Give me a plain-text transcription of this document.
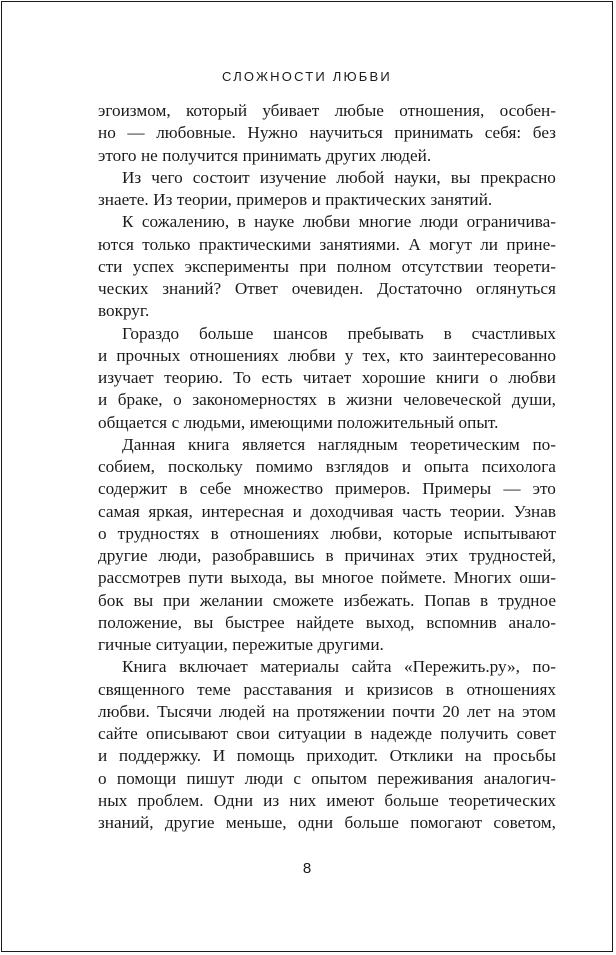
СЛОЖНОСТИ ЛЮБВИ
эгоизмом, который убивает любые отношения, особен-
но — любовные. Нужно научиться принимать себя: без
этого не получится принимать других людей.
Из чего состоит изучение любой науки, вы прекрасно
знаете. Из теории, примеров и практических занятий.
К сожалению, в науке любви многие люди ограничива-
ются только практическими занятиями. А могут ли прине-
сти успех эксперименты при полном отсутствии теорети-
ческих знаний? Ответ очевиден. Достаточно оглянуться
вокруг.
Гораздо больше шансов пребывать в счастливых
и прочных отношениях любви у тех, кто заинтересованно
изучает теорию. То есть читает хорошие книги о любви
и браке, о закономерностях в жизни человеческой души,
общается с людьми, имеющими положительный опыт.
Данная книга является наглядным теоретическим по-
собием, поскольку помимо взглядов и опыта психолога
содержит в себе множество примеров. Примеры — это
самая яркая, интересная и доходчивая часть теории. Узнав
о трудностях в отношениях любви, которые испытывают
другие люди, разобравшись в причинах этих трудностей,
рассмотрев пути выхода, вы многое поймете. Многих оши-
бок вы при желании сможете избежать. Попав в трудное
положение, вы быстрее найдете выход, вспомнив анало-
гичные ситуации, пережитые другими.
Книга включает материалы сайта «Пережить.ру», по-
священного теме расставания и кризисов в отношениях
любви. Тысячи людей на протяжении почти 20 лет на этом
сайте описывают свои ситуации в надежде получить совет
и поддержку. И помощь приходит. Отклики на просьбы
о помощи пишут люди с опытом переживания аналогич-
ных проблем. Одни из них имеют больше теоретических
знаний, другие меньше, одни больше помогают советом,
8
